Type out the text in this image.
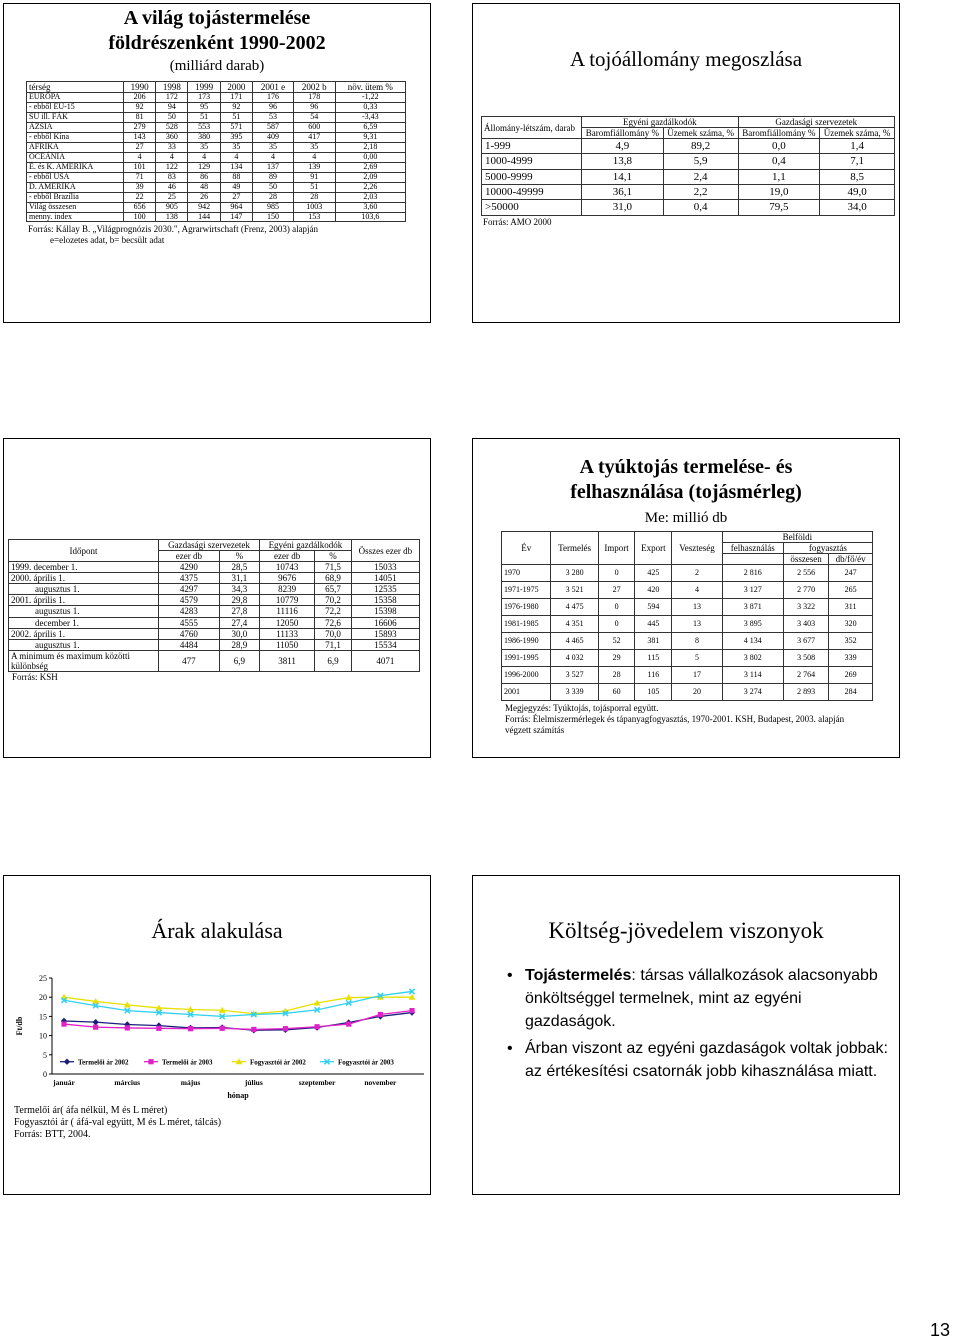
A világ tojástermelése
földrészenként 1990-2002
(milliárd darab)
térség	1990	1998	1999	2000	2001 e	2002 b	növ. ütem %
EURÓPA	206	172	173	171	176	178	-1,22
- ebből EU-15	92	94	95	92	96	96	0,33
SU ill. FÁK	81	50	51	51	53	54	-3,43
ÁZSIA	279	528	553	571	587	600	6,59
- ebből Kína	143	360	380	395	409	417	9,31
AFRIKA	27	33	35	35	35	35	2,18
OCEÁNIA	4	4	4	4	4	4	0,00
É. és K. AMERIKA	101	122	129	134	137	139	2,69
- ebből USA	71	83	86	88	89	91	2,09
D. AMERIKA	39	46	48	49	50	51	2,26
- ebből Brazília	22	25	26	27	28	28	2,03
Világ összesen	656	905	942	964	985	1003	3,60
menny. index	100	138	144	147	150	153	103,6
Forrás: Kállay B. „Világprognózis 2030.", Agrarwirtschaft (Frenz, 2003) alapján
e=elozetes adat, b= becsült adat
A tojóállomány megoszlása
Állomány-létszám, darab	Egyéni gazdálkodók		Gazdasági szervezetek	
	Baromfiállomány %	Üzemek száma, %	Baromfiállomány %	Üzemek száma, %
1-999	4,9	89,2	0,0	1,4
1000-4999	13,8	5,9	0,4	7,1
5000-9999	14,1	2,4	1,1	8,5
10000-49999	36,1	2,2	19,0	49,0
>50000	31,0	0,4	79,5	34,0
Forrás: AMO 2000
Időpont	Gazdasági szervezetek		Egyéni gazdálkodók		Összes ezer db
	ezer db	%	ezer db	%	
1999. december 1.	4290	28,5	10743	71,5	15033
2000. április 1.	4375	31,1	9676	68,9	14051
augusztus 1.	4297	34,3	8239	65,7	12535
2001. április 1.	4579	29,8	10779	70,2	15358
augusztus 1.	4283	27,8	11116	72,2	15398
december 1.	4555	27,4	12050	72,6	16606
2002. április 1.	4760	30,0	11133	70,0	15893
augusztus 1.	4484	28,9	11050	71,1	15534
A minimum és maximum közötti különbség	477	6,9	3811	6,9	4071
Forrás: KSH
A tyúktojás termelése- és
felhasználása (tojásmérleg)
Me: millió db
Év	Termelés	Import	Export	Veszteség	Belföldi		
					felhasználás	fogyasztás	
						összesen	db/fő/év
1970	3 280	0	425	2	2 816	2 556	247
1971-1975	3 521	27	420	4	3 127	2 770	265
1976-1980	4 475	0	594	13	3 871	3 322	311
1981-1985	4 351	0	445	13	3 895	3 403	320
1986-1990	4 465	52	381	8	4 134	3 677	352
1991-1995	4 032	29	115	5	3 802	3 508	339
1996-2000	3 527	28	116	17	3 114	2 764	269
2001	3 339	60	105	20	3 274	2 893	284
Megjegyzés: Tyúktojás, tojásporral együtt.
Forrás: Élelmiszermérlegek és tápanyagfogyasztás, 1970-2001. KSH, Budapest, 2003. alapján
végzett számítás
Árak alakulása
0
5
10
15
20
25
január	március	május	július	szeptember	november
Ft/db
hónap
Termelői ár 2002	Termelői ár 2003	Fogyasztói ár 2002	Fogyasztói ár 2003
Termelői ár( áfa nélkül, M és L méret)
Fogyasztói ár ( áfá-val együtt, M és L méret, tálcás)
Forrás: BTT, 2004.
Költség-jövedelem viszonyok
• Tojástermelés: társas vállalkozások alacsonyabb önköltséggel termelnek, mint az egyéni gazdaságok.
• Árban viszont az egyéni gazdaságok voltak jobbak: az értékesítési csatornák jobb kihasználása miatt.
13
